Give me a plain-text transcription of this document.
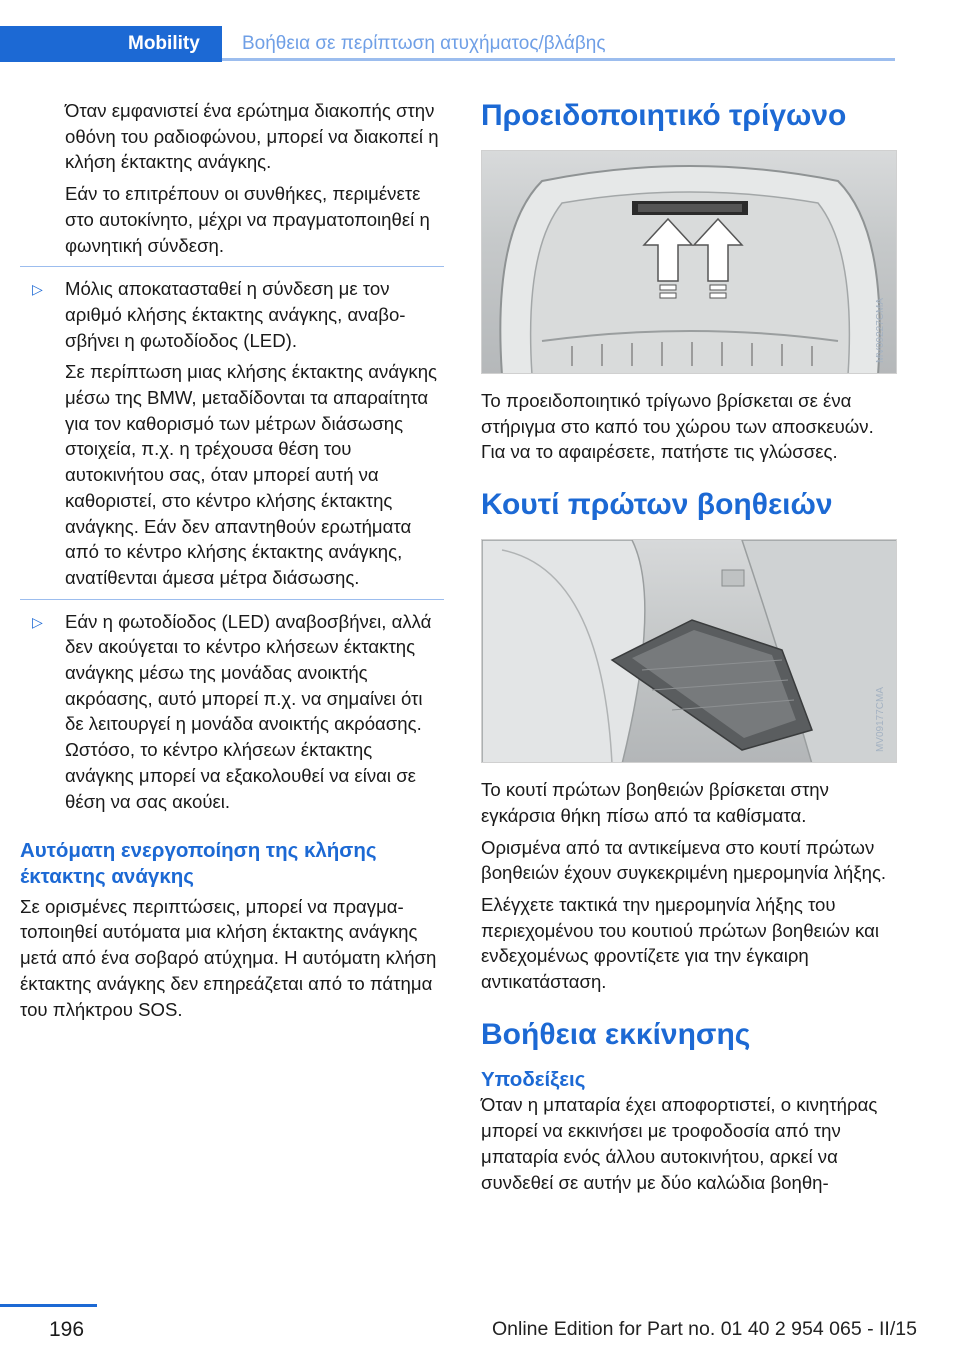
Mobility Βοήθεια σε περίπτωση ατυχήματος/βλάβης

Όταν εμφανιστεί ένα ερώτημα διακοπής στην οθόνη του ραδιοφώνου, μπορεί να διακοπεί η κλήση έκτακτης ανάγκης.

Εάν το επιτρέπουν οι συνθήκες, περιμένετε στο αυτοκίνητο, μέχρι να πραγματοποιηθεί η φωνητική σύνδεση.

▷ Μόλις αποκατασταθεί η σύνδεση με τον αριθμό κλήσης έκτακτης ανάγκης, αναβοσβήνει η φωτοδίοδος (LED).

Σε περίπτωση μιας κλήσης έκτακτης ανάγκης μέσω της BMW, μεταδίδονται τα απαραίτητα για τον καθορισμό των μέτρων διάσωσης στοιχεία, π.χ. η τρέχουσα θέση του αυτοκινήτου σας, όταν μπορεί αυτή να καθοριστεί, στο κέντρο κλήσης έκτακτης ανάγκης. Εάν δεν απαντηθούν ερωτήματα από το κέντρο κλήσης έκτακτης ανάγκης, ανατίθενται άμεσα μέτρα διάσωσης.

▷ Εάν η φωτοδίοδος (LED) αναβοσβήνει, αλλά δεν ακούγεται το κέντρο κλήσεων έκτακτης ανάγκης μέσω της μονάδας ανοικτής ακρόασης, αυτό μπορεί π.χ. να σημαίνει ότι δε λειτουργεί η μονάδα ανοικτής ακρόασης. Ωστόσο, το κέντρο κλήσεων έκτακτης ανάγκης μπορεί να εξακολουθεί να είναι σε θέση να σας ακούει.

Αυτόματη ενεργοποίηση της κλήσης έκτακτης ανάγκης

Σε ορισμένες περιπτώσεις, μπορεί να πραγματοποιηθεί αυτόματα μια κλήση έκτακτης ανάγκης μετά από ένα σοβαρό ατύχημα. Η αυτόματη κλήση έκτακτης ανάγκης δεν επηρεάζεται από το πάτημα του πλήκτρου SOS.

Προειδοποιητικό τρίγωνο
MV09227CMA

Το προειδοποιητικό τρίγωνο βρίσκεται σε ένα στήριγμα στο καπό του χώρου των αποσκευών. Για να το αφαιρέσετε, πατήστε τις γλώσσες.

Κουτί πρώτων βοηθειών
MV09177CMA

Το κουτί πρώτων βοηθειών βρίσκεται στην εγκάρσια θήκη πίσω από τα καθίσματα.

Ορισμένα από τα αντικείμενα στο κουτί πρώτων βοηθειών έχουν συγκεκριμένη ημερομηνία λήξης.

Ελέγχετε τακτικά την ημερομηνία λήξης του περιεχομένου του κουτιού πρώτων βοηθειών και ενδεχομένως φροντίζετε για την έγκαιρη αντικατάσταση.

Βοήθεια εκκίνησης
Υποδείξεις

Όταν η μπαταρία έχει αποφορτιστεί, ο κινητήρας μπορεί να εκκινήσει με τροφοδοσία από την μπαταρία ενός άλλου αυτοκινήτου, αρκεί να συνδεθεί σε αυτήν με δύο καλώδια βοηθη-

196	Online Edition for Part no. 01 40 2 954 065 - II/15
